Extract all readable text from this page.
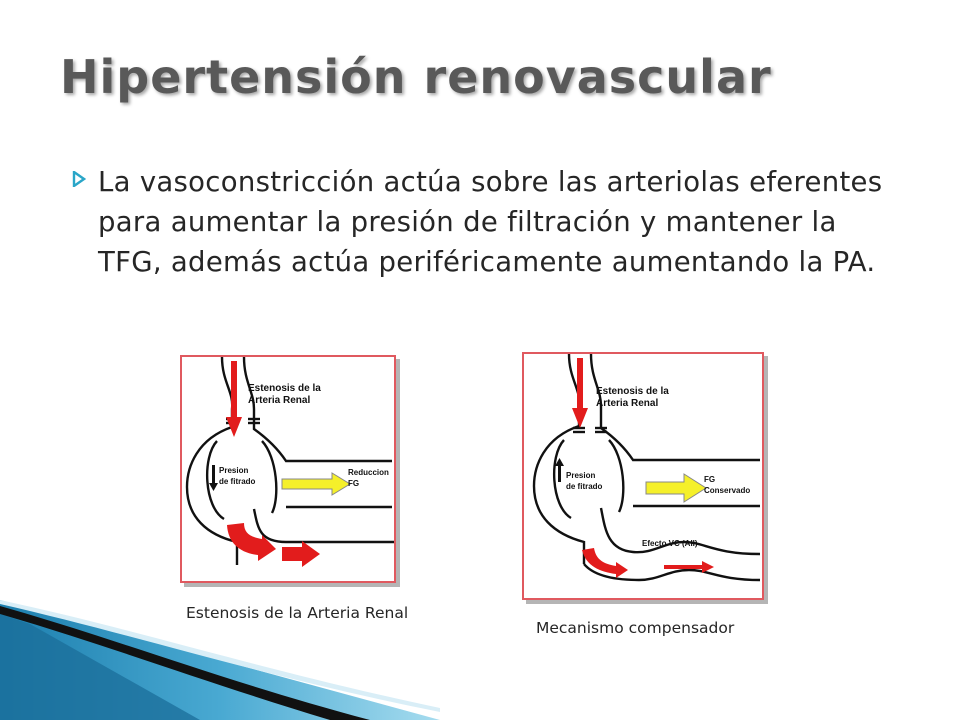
Hipertensión renovascular
La vasoconstricción actúa sobre las arteriolas eferentes para aumentar la presión de filtración y mantener la TFG, además actúa periféricamente aumentando la PA.
Estenosis de la
Arteria Renal
Presion
de fitrado
Reduccion
FG
Estenosis de la Arteria Renal
Estenosis de la
Arteria Renal
Presion
de fitrado
FG
Conservado
Efecto VC (AII)
Mecanismo compensador
